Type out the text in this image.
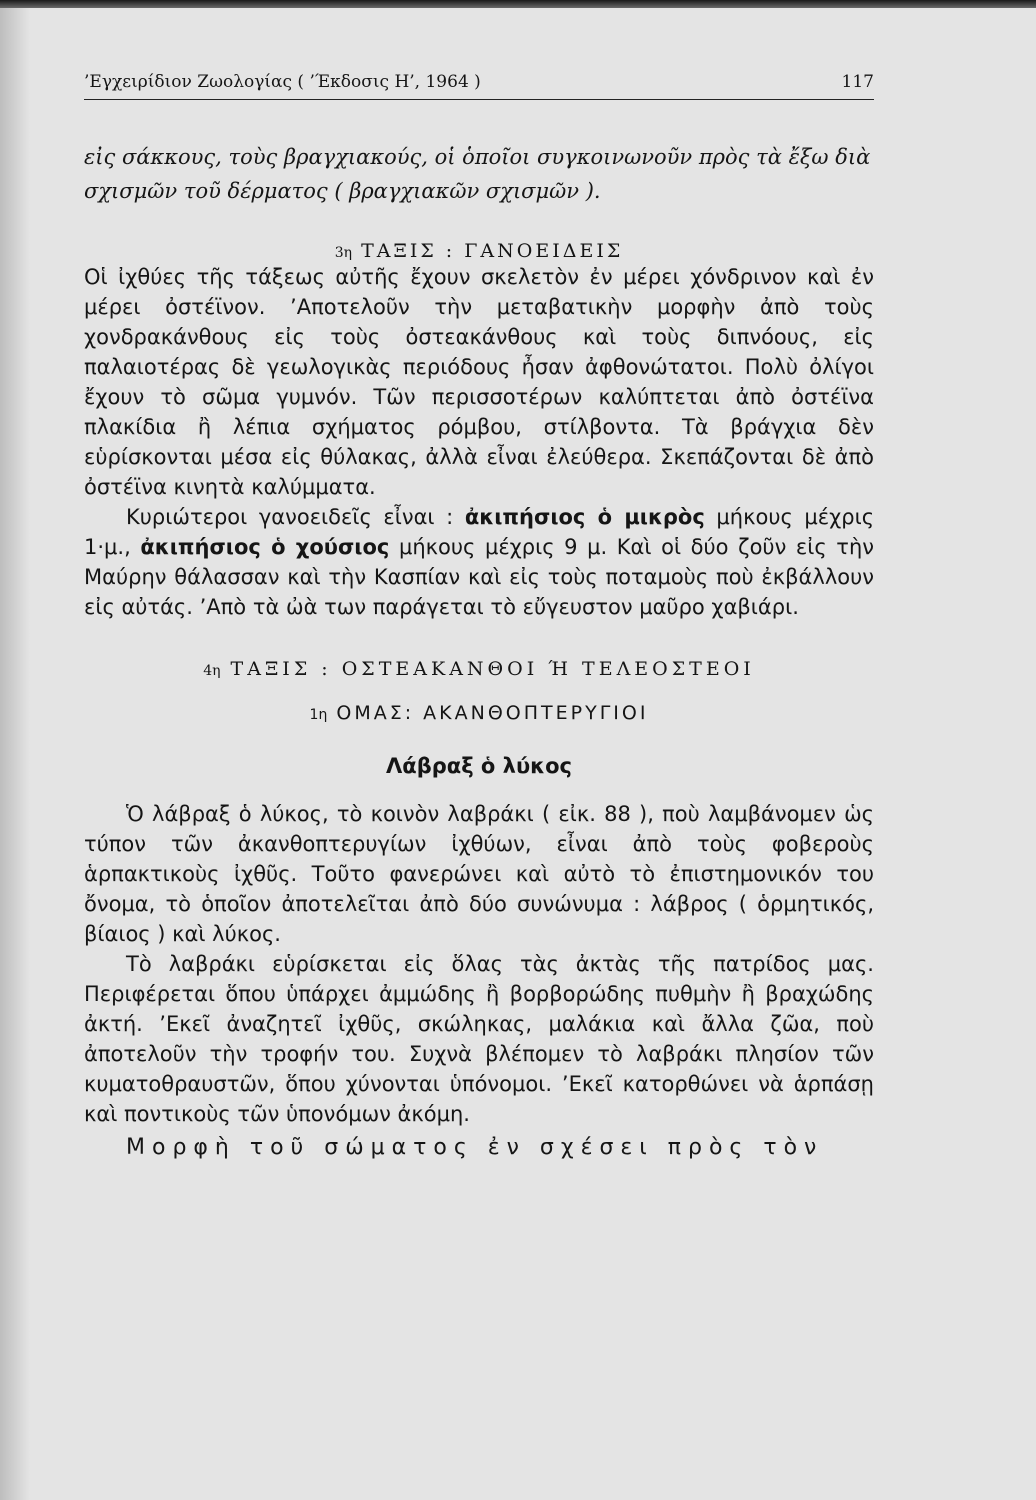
’Εγχειρίδιον Ζωολογίας ( ’Έκδοσις Η’, 1964 )	117

εἰς σάκκους, τοὺς βραγχιακούς, οἱ ὁποῖοι συγκοινωνοῦν πρὸς τὰ ἔξω διὰ σχισμῶν τοῦ δέρματος ( βραγχιακῶν σχισμῶν ).

3η ΤΑΞΙΣ : ΓΑΝΟΕΙΔΕΙΣ

Οἱ ἰχθύες τῆς τάξεως αὐτῆς ἔχουν σκελετὸν ἐν μέρει χόνδρινον καὶ ἐν μέρει ὀστέϊνον. ’Αποτελοῦν τὴν μεταβατικὴν μορφὴν ἀπὸ τοὺς χονδρακάνθους εἰς τοὺς ὀστεακάνθους καὶ τοὺς διπνόους, εἰς παλαιοτέρας δὲ γεωλογικὰς περιόδους ἦσαν ἀφθονώτατοι. Πολὺ ὀλίγοι ἔχουν τὸ σῶμα γυμνόν. Τῶν περισσοτέρων καλύπτεται ἀπὸ ὀστέϊνα πλακίδια ἢ λέπια σχήματος ρόμβου, στίλβοντα. Τὰ βράγχια δὲν εὑρίσκονται μέσα εἰς θύλακας, ἀλλὰ εἶναι ἐλεύθερα. Σκεπάζονται δὲ ἀπὸ ὀστέϊνα κινητὰ καλύμματα.

Κυριώτεροι γανοειδεῖς εἶναι : ἀκιπήσιος ὁ μικρὸς μήκους μέχρις 1·μ., ἀκιπήσιος ὁ χούσιος μήκους μέχρις 9 μ. Καὶ οἱ δύο ζοῦν εἰς τὴν Μαύρην θάλασσαν καὶ τὴν Κασπίαν καὶ εἰς τοὺς ποταμοὺς ποὺ ἐκβάλλουν εἰς αὐτάς. ’Απὸ τὰ ὠὰ των παράγεται τὸ εὔγευστον μαῦρο χαβιάρι.

4η ΤΑΞΙΣ : ΟΣΤΕΑΚΑΝΘΟΙ Ή ΤΕΛΕΟΣΤΕΟΙ

1η ΟΜΑΣ: ΑΚΑΝΘΟΠΤΕΡΥΓΙΟΙ

Λάβραξ ὁ λύκος

Ὁ λάβραξ ὁ λύκος, τὸ κοινὸν λαβράκι ( εἰκ. 88 ), ποὺ λαμβάνομεν ὡς τύπον τῶν ἀκανθοπτερυγίων ἰχθύων, εἶναι ἀπὸ τοὺς φοβεροὺς ἁρπακτικοὺς ἰχθῦς. Τοῦτο φανερώνει καὶ αὐτὸ τὸ ἐπιστημονικόν του ὄνομα, τὸ ὁποῖον ἀποτελεῖται ἀπὸ δύο συνώνυμα : λάβρος ( ὁρμητικός, βίαιος ) καὶ λύκος.

Τὸ λαβράκι εὑρίσκεται εἰς ὅλας τὰς ἀκτὰς τῆς πατρίδος μας. Περιφέρεται ὅπου ὑπάρχει ἀμμώδης ἢ βορβορώδης πυθμὴν ἢ βραχώδης ἀκτή. ’Εκεῖ ἀναζητεῖ ἰχθῦς, σκώληκας, μαλάκια καὶ ἄλλα ζῶα, ποὺ ἀποτελοῦν τὴν τροφήν του. Συχνὰ βλέπομεν τὸ λαβράκι πλησίον τῶν κυματοθραυστῶν, ὅπου χύνονται ὑπόνομοι. ’Εκεῖ κατορθώνει νὰ ἁρπάσῃ καὶ ποντικοὺς τῶν ὑπονόμων ἀκόμη.

Μορφὴ τοῦ σώματος ἐν σχέσει πρὸς τὸν
